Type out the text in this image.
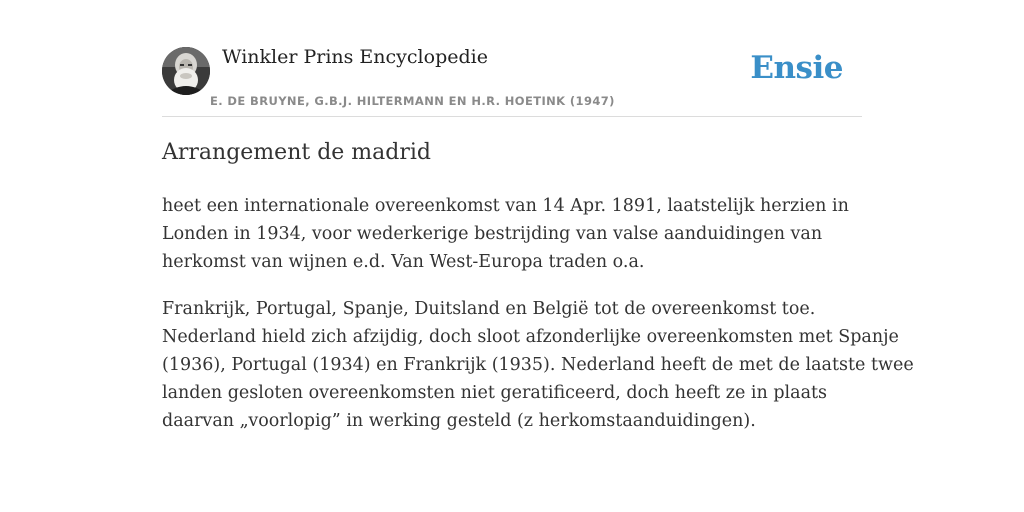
Winkler Prins Encyclopedie
E. DE BRUYNE, G.B.J. HILTERMANN EN H.R. HOETINK (1947)
Ensie
Arrangement de madrid

heet een internationale overeenkomst van 14 Apr. 1891, laatstelijk herzien in
Londen in 1934, voor wederkerige bestrijding van valse aanduidingen van
herkomst van wijnen e.d. Van West-Europa traden o.a.

Frankrijk, Portugal, Spanje, Duitsland en België tot de overeenkomst toe.
Nederland hield zich afzijdig, doch sloot afzonderlijke overeenkomsten met Spanje
(1936), Portugal (1934) en Frankrijk (1935). Nederland heeft de met de laatste twee
landen gesloten overeenkomsten niet geratificeerd, doch heeft ze in plaats
daarvan „voorlopig” in werking gesteld (z herkomstaanduidingen).
